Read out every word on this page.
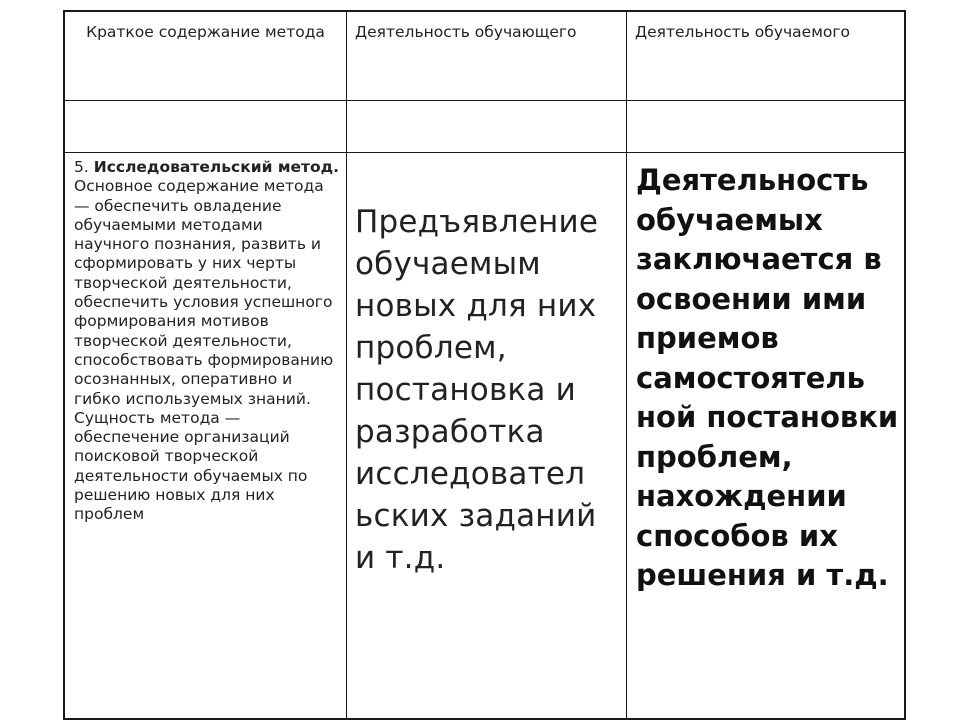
Краткое содержание метода	Деятельность обучающего	Деятельность обучаемого
5. Исследовательский метод. Основное содержание метода — обеспечить овладение обучаемыми методами научного познания, развить и сформировать у них черты творческой деятельности, обеспечить условия успешного формирования мотивов творческой деятельности, способствовать формированию осознанных, оперативно и гибко используемых знаний. Сущность метода — обеспечение организаций поисковой творческой деятельности обучаемых по решению новых для них проблем
Предъявление обучаемым новых для них проблем, постановка и разработка исследовател ьских заданий и т.д.
Деятельность обучаемых заключается в освоении ими приемов самостоятель ной постановки проблем, нахождении способов их решения и т.д.
